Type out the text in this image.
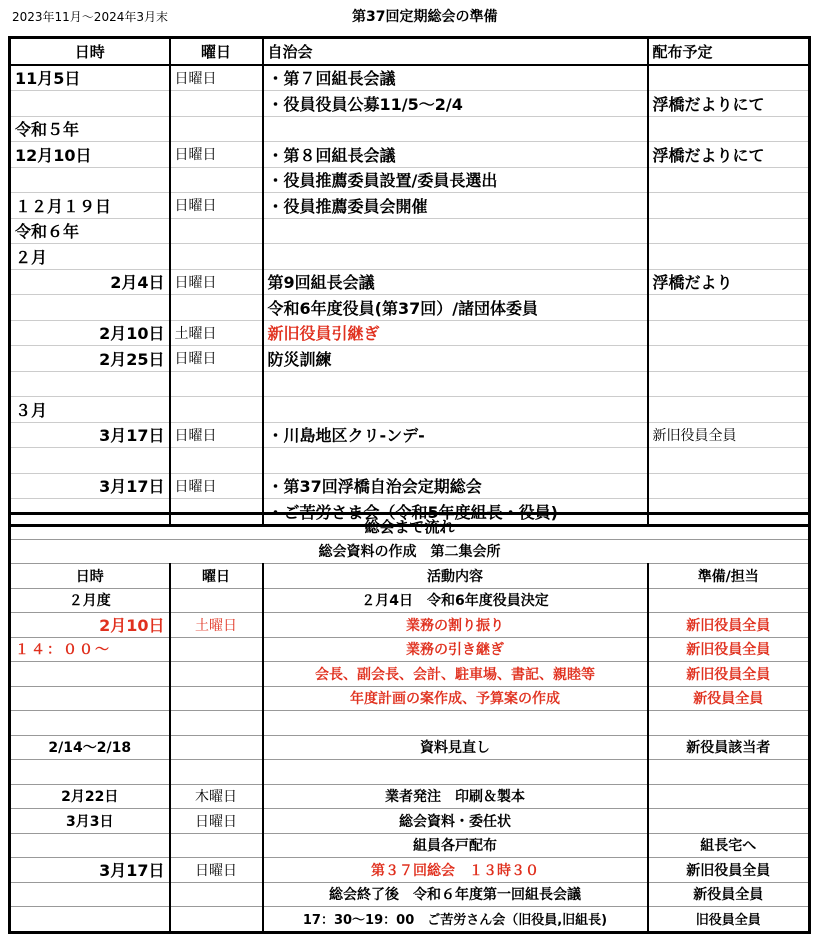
2023年11月〜2024年3月末	第37回定期総会の準備
日時	曜日	自治会	配布予定
11月5日	日曜日	・第７回組長会議	
		・役員役員公募11/5〜2/4	浮橋だよりにて
令和５年			
12月10日	日曜日	・第８回組長会議	浮橋だよりにて
		・役員推薦委員設置/委員長選出	
１２月１９日	日曜日	・役員推薦委員会開催	
令和６年			
２月			
2月4日	日曜日	第9回組長会議	浮橋だより
		令和6年度役員(第37回）/諸団体委員	
2月10日	土曜日	新旧役員引継ぎ	
2月25日	日曜日	防災訓練	

３月			
3月17日	日曜日	・川島地区クリ-ンデ-	新旧役員全員

3月17日	日曜日	・第37回浮橋自治会定期総会	
		・ご苦労さま会（令和5年度組長・役員)	
総会まで流れ			
総会資料の作成　第二集会所			
日時	曜日	活動内容	準備/担当
２月度		２月4日　令和6年度役員決定	
2月10日	土曜日	業務の割り振り	新旧役員全員
１４：００〜		業務の引き継ぎ	新旧役員全員
		会長、副会長、会計、駐車場、書記、親睦等	新旧役員全員
		年度計画の案作成、予算案の作成	新役員全員

2/14〜2/18		資料見直し	新役員該当者

2月22日	木曜日	業者発注　印刷＆製本	
3月3日	日曜日	総会資料・委任状	
		組員各戸配布	組長宅へ
3月17日	日曜日	第３７回総会　１３時３０	新旧役員全員
		総会終了後　令和６年度第一回組長会議	新役員全員
		17：30〜19：00　ご苦労さん会（旧役員,旧組長)	旧役員全員
